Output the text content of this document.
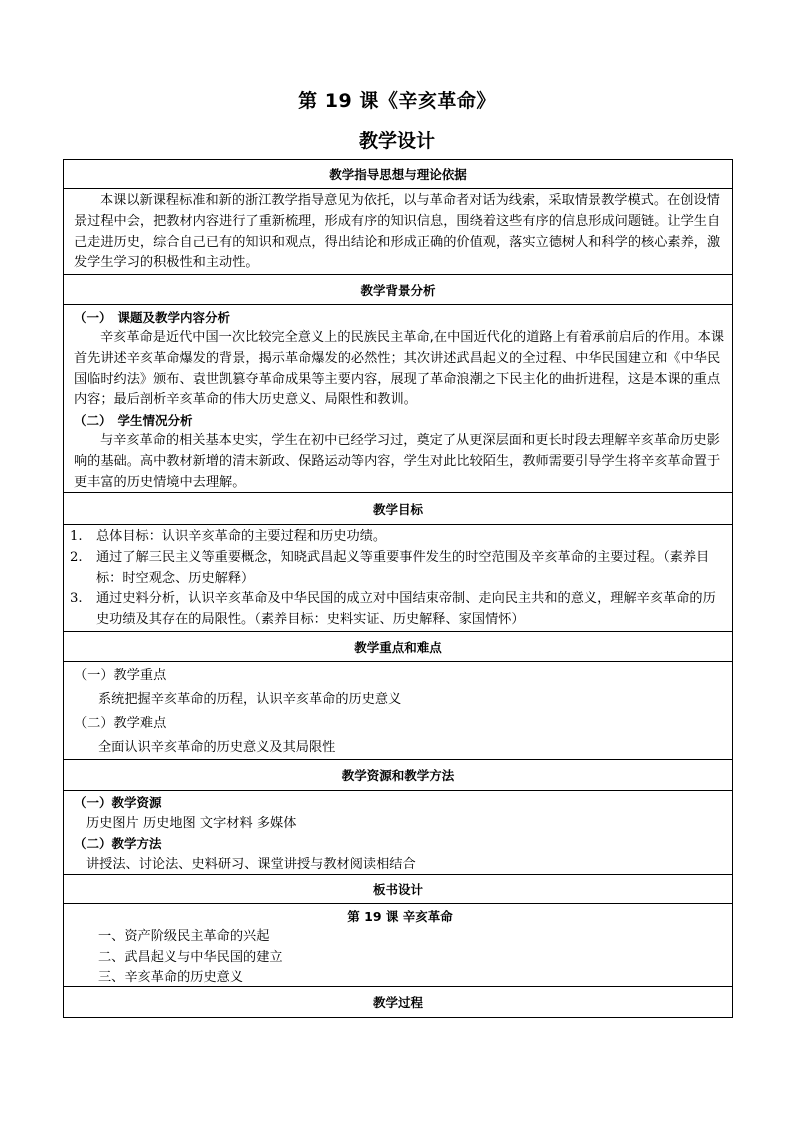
第 19 课《辛亥革命》
教学设计
教学指导思想与理论依据

本课以新课程标准和新的浙江教学指导意见为依托，以与革命者对话为线索，采取情景教学模式。在创设情景过程中会，把教材内容进行了重新梳理，形成有序的知识信息，围绕着这些有序的信息形成问题链。让学生自己走进历史，综合自己已有的知识和观点，得出结论和形成正确的价值观，落实立德树人和科学的核心素养，激发学生学习的积极性和主动性。

教学背景分析

（一） 课题及教学内容分析

辛亥革命是近代中国一次比较完全意义上的民族民主革命,在中国近代化的道路上有着承前启后的作用。本课首先讲述辛亥革命爆发的背景，揭示革命爆发的必然性；其次讲述武昌起义的全过程、中华民国建立和《中华民国临时约法》颁布、袁世凯篡夺革命成果等主要内容，展现了革命浪潮之下民主化的曲折进程，这是本课的重点内容；最后剖析辛亥革命的伟大历史意义、局限性和教训。

（二） 学生情况分析

与辛亥革命的相关基本史实，学生在初中已经学习过，奠定了从更深层面和更长时段去理解辛亥革命历史影响的基础。高中教材新增的清末新政、保路运动等内容，学生对此比较陌生，教师需要引导学生将辛亥革命置于更丰富的历史情境中去理解。

教学目标
1.	总体目标：认识辛亥革命的主要过程和历史功绩。
2.	通过了解三民主义等重要概念，知晓武昌起义等重要事件发生的时空范围及辛亥革命的主要过程。（素养目标：时空观念、历史解释）
3.	通过史料分析，认识辛亥革命及中华民国的成立对中国结束帝制、走向民主共和的意义，理解辛亥革命的历史功绩及其存在的局限性。（素养目标：史料实证、历史解释、家国情怀）
教学重点和难点

（一）教学重点

系统把握辛亥革命的历程，认识辛亥革命的历史意义

（二）教学难点

全面认识辛亥革命的历史意义及其局限性

教学资源和教学方法

（一）教学资源

历史图片 历史地图 文字材料 多媒体

（二）教学方法

讲授法、讨论法、史料研习、课堂讲授与教材阅读相结合

板书设计

第 19 课 辛亥革命

一、资产阶级民主革命的兴起

二、武昌起义与中华民国的建立

三、辛亥革命的历史意义

教学过程
